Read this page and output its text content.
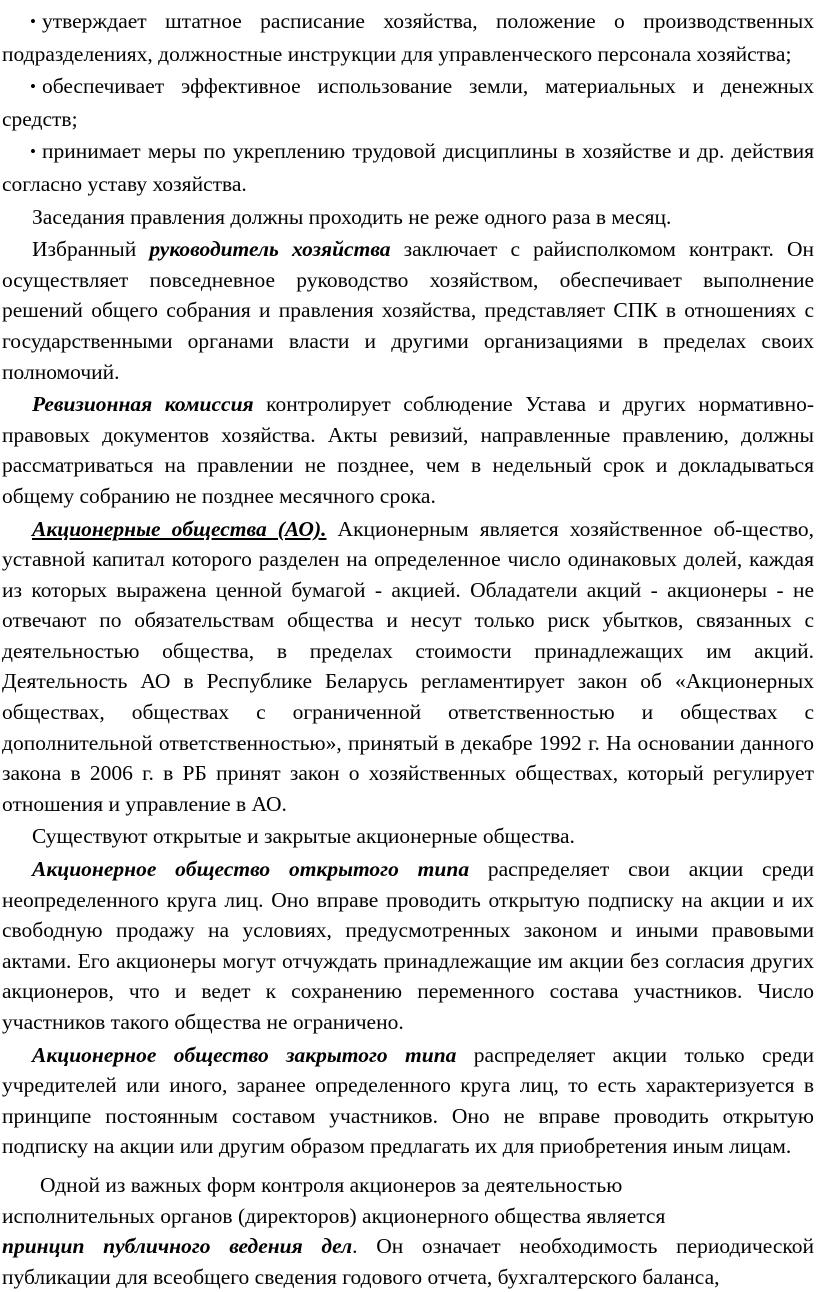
• утверждает штатное расписание хозяйства, положение о производственных подразделениях, должностные инструкции для управленческого персонала хозяйства;

• обеспечивает эффективное использование земли, материальных и денежных средств;

• принимает меры по укреплению трудовой дисциплины в хозяйстве и др. действия согласно уставу хозяйства.

Заседания правления должны проходить не реже одного раза в месяц.

Избранный руководитель хозяйства заключает с райисполкомом контракт. Он осуществляет повседневное руководство хозяйством, обеспечивает выполнение решений общего собрания и правления хозяйства, представляет СПК в отношениях с государственными органами власти и другими организациями в пределах своих полномочий.

Ревизионная комиссия контролирует соблюдение Устава и других нормативно-правовых документов хозяйства. Акты ревизий, направленные правлению, должны рассматриваться на правлении не позднее, чем в недельный срок и докладываться общему собранию не позднее месячного срока.

Акционерные общества (АО). Акционерным является хозяйственное об-щество, уставной капитал которого разделен на определенное число одинаковых долей, каждая из которых выражена ценной бумагой - акцией. Обладатели акций - акционеры - не отвечают по обязательствам общества и несут только риск убытков, связанных с деятельностью общества, в пределах стоимости принадлежащих им акций. Деятельность АО в Республике Беларусь регламентирует закон об «Акционерных обществах, обществах с ограниченной ответственностью и обществах с дополнительной ответственностью», принятый в декабре 1992 г. На основании данного закона в 2006 г. в РБ принят закон о хозяйственных обществах, который регулирует отношения и управление в АО.

Существуют открытые и закрытые акционерные общества.

Акционерное общество открытого типа распределяет свои акции среди неопределенного круга лиц. Оно вправе проводить открытую подписку на акции и их свободную продажу на условиях, предусмотренных законом и иными правовыми актами. Его акционеры могут отчуждать принадлежащие им акции без согласия других акционеров, что и ведет к сохранению переменного состава участников. Число участников такого общества не ограничено.

Акционерное общество закрытого типа распределяет акции только среди учредителей или иного, заранее определенного круга лиц, то есть характеризуется в принципе постоянным составом участников. Оно не вправе проводить открытую подписку на акции или другим образом предлагать их для приобретения иным лицам.

Одной из важных форм контроля акционеров за деятельностью
исполнительных органов (директоров) акционерного общества является
принцип публичного ведения дел. Он означает необходимость периодической публикации для всеобщего сведения годового отчета, бухгалтерского баланса,
